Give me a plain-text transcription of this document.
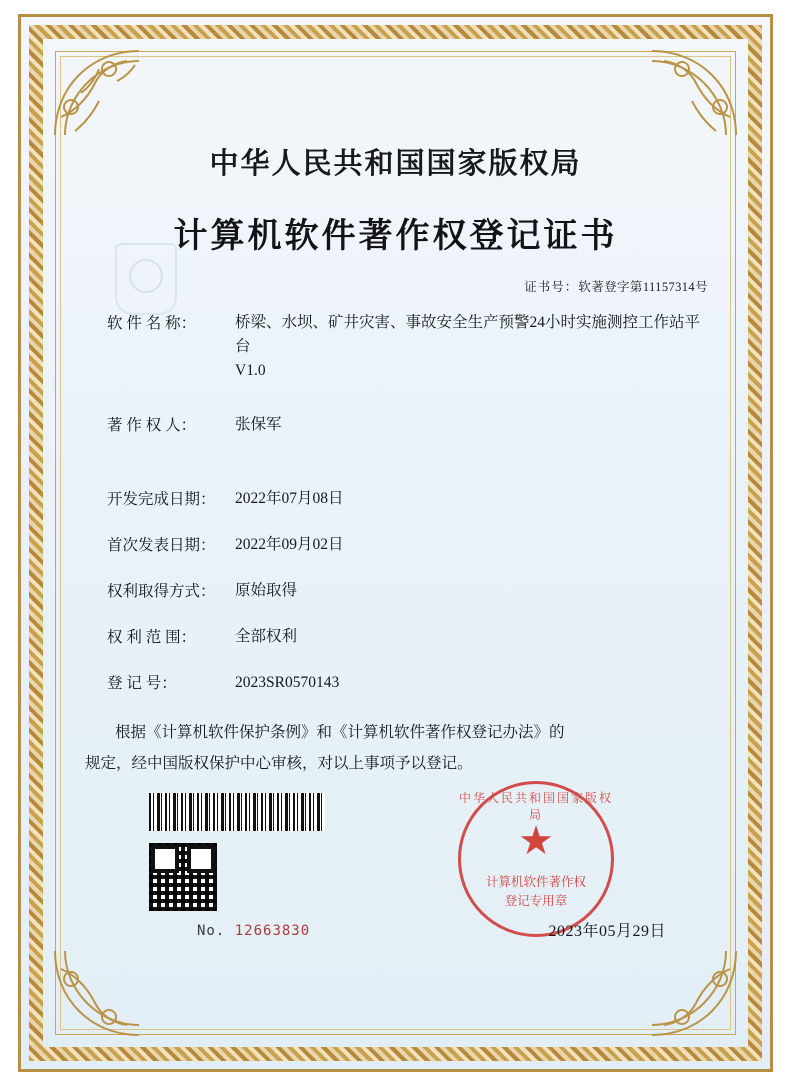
中华人民共和国国家版权局
计算机软件著作权登记证书
证书号：软著登字第11157314号
软 件 名 称：	桥梁、水坝、矿井灾害、事故安全生产预警24小时实施测控工作站平台
V1.0
著 作 权 人：	张保军
开发完成日期：	2022年07月08日
首次发表日期：	2022年09月02日
权利取得方式：	原始取得
权 利 范 围：	全部权利
登 记 号：	2023SR0570143
根据《计算机软件保护条例》和《计算机软件著作权登记办法》的
规定，经中国版权保护中心审核，对以上事项予以登记。
No. 12663830
中华人民共和国国家版权局
★
计算机软件著作权
登记专用章
2023年05月29日
